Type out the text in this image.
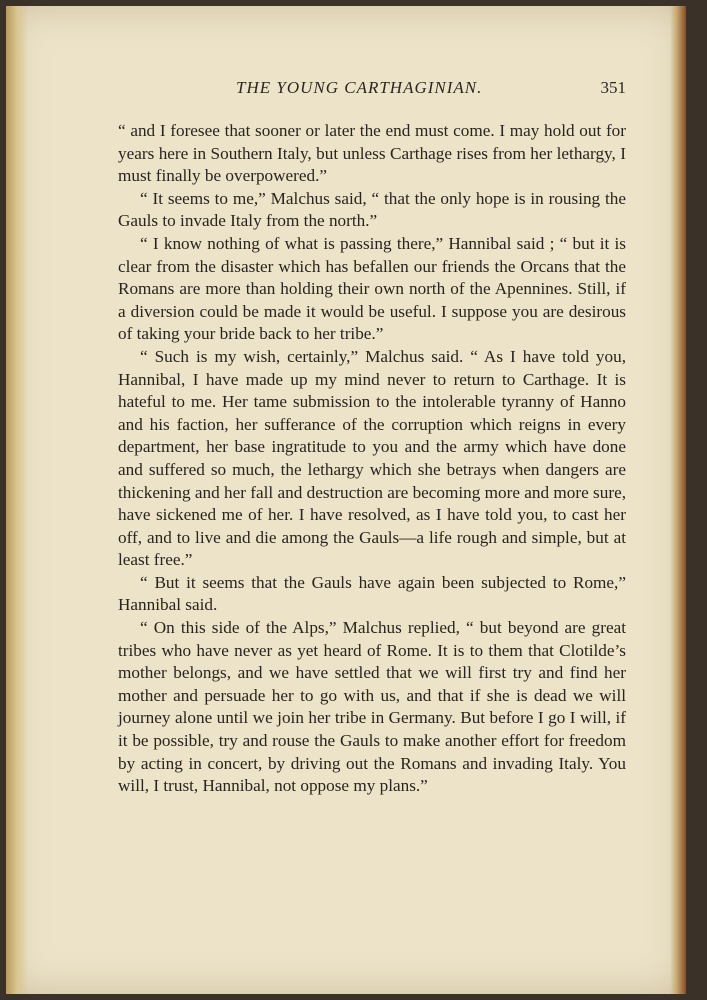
THE YOUNG CARTHAGINIAN.	351

“ and I foresee that sooner or later the end must come. I may hold out for years here in Southern Italy, but unless Carthage rises from her lethargy, I must finally be overpowered.”

“ It seems to me,” Malchus said, “ that the only hope is in rousing the Gauls to invade Italy from the north.”

“ I know nothing of what is passing there,” Hannibal said ; “ but it is clear from the disaster which has befallen our friends the Orcans that the Romans are more than holding their own north of the Apennines. Still, if a diversion could be made it would be useful. I suppose you are desirous of taking your bride back to her tribe.”

“ Such is my wish, certainly,” Malchus said. “ As I have told you, Hannibal, I have made up my mind never to return to Carthage. It is hateful to me. Her tame submission to the intolerable tyranny of Hanno and his faction, her sufferance of the corruption which reigns in every department, her base ingratitude to you and the army which have done and suffered so much, the lethargy which she betrays when dangers are thickening and her fall and destruction are becoming more and more sure, have sickened me of her. I have resolved, as I have told you, to cast her off, and to live and die among the Gauls—a life rough and simple, but at least free.”

“ But it seems that the Gauls have again been subjected to Rome,” Hannibal said.

“ On this side of the Alps,” Malchus replied, “ but beyond are great tribes who have never as yet heard of Rome. It is to them that Clotilde’s mother belongs, and we have settled that we will first try and find her mother and persuade her to go with us, and that if she is dead we will journey alone until we join her tribe in Germany. But before I go I will, if it be possible, try and rouse the Gauls to make another effort for freedom by acting in concert, by driving out the Romans and invading Italy. You will, I trust, Hannibal, not oppose my plans.”
